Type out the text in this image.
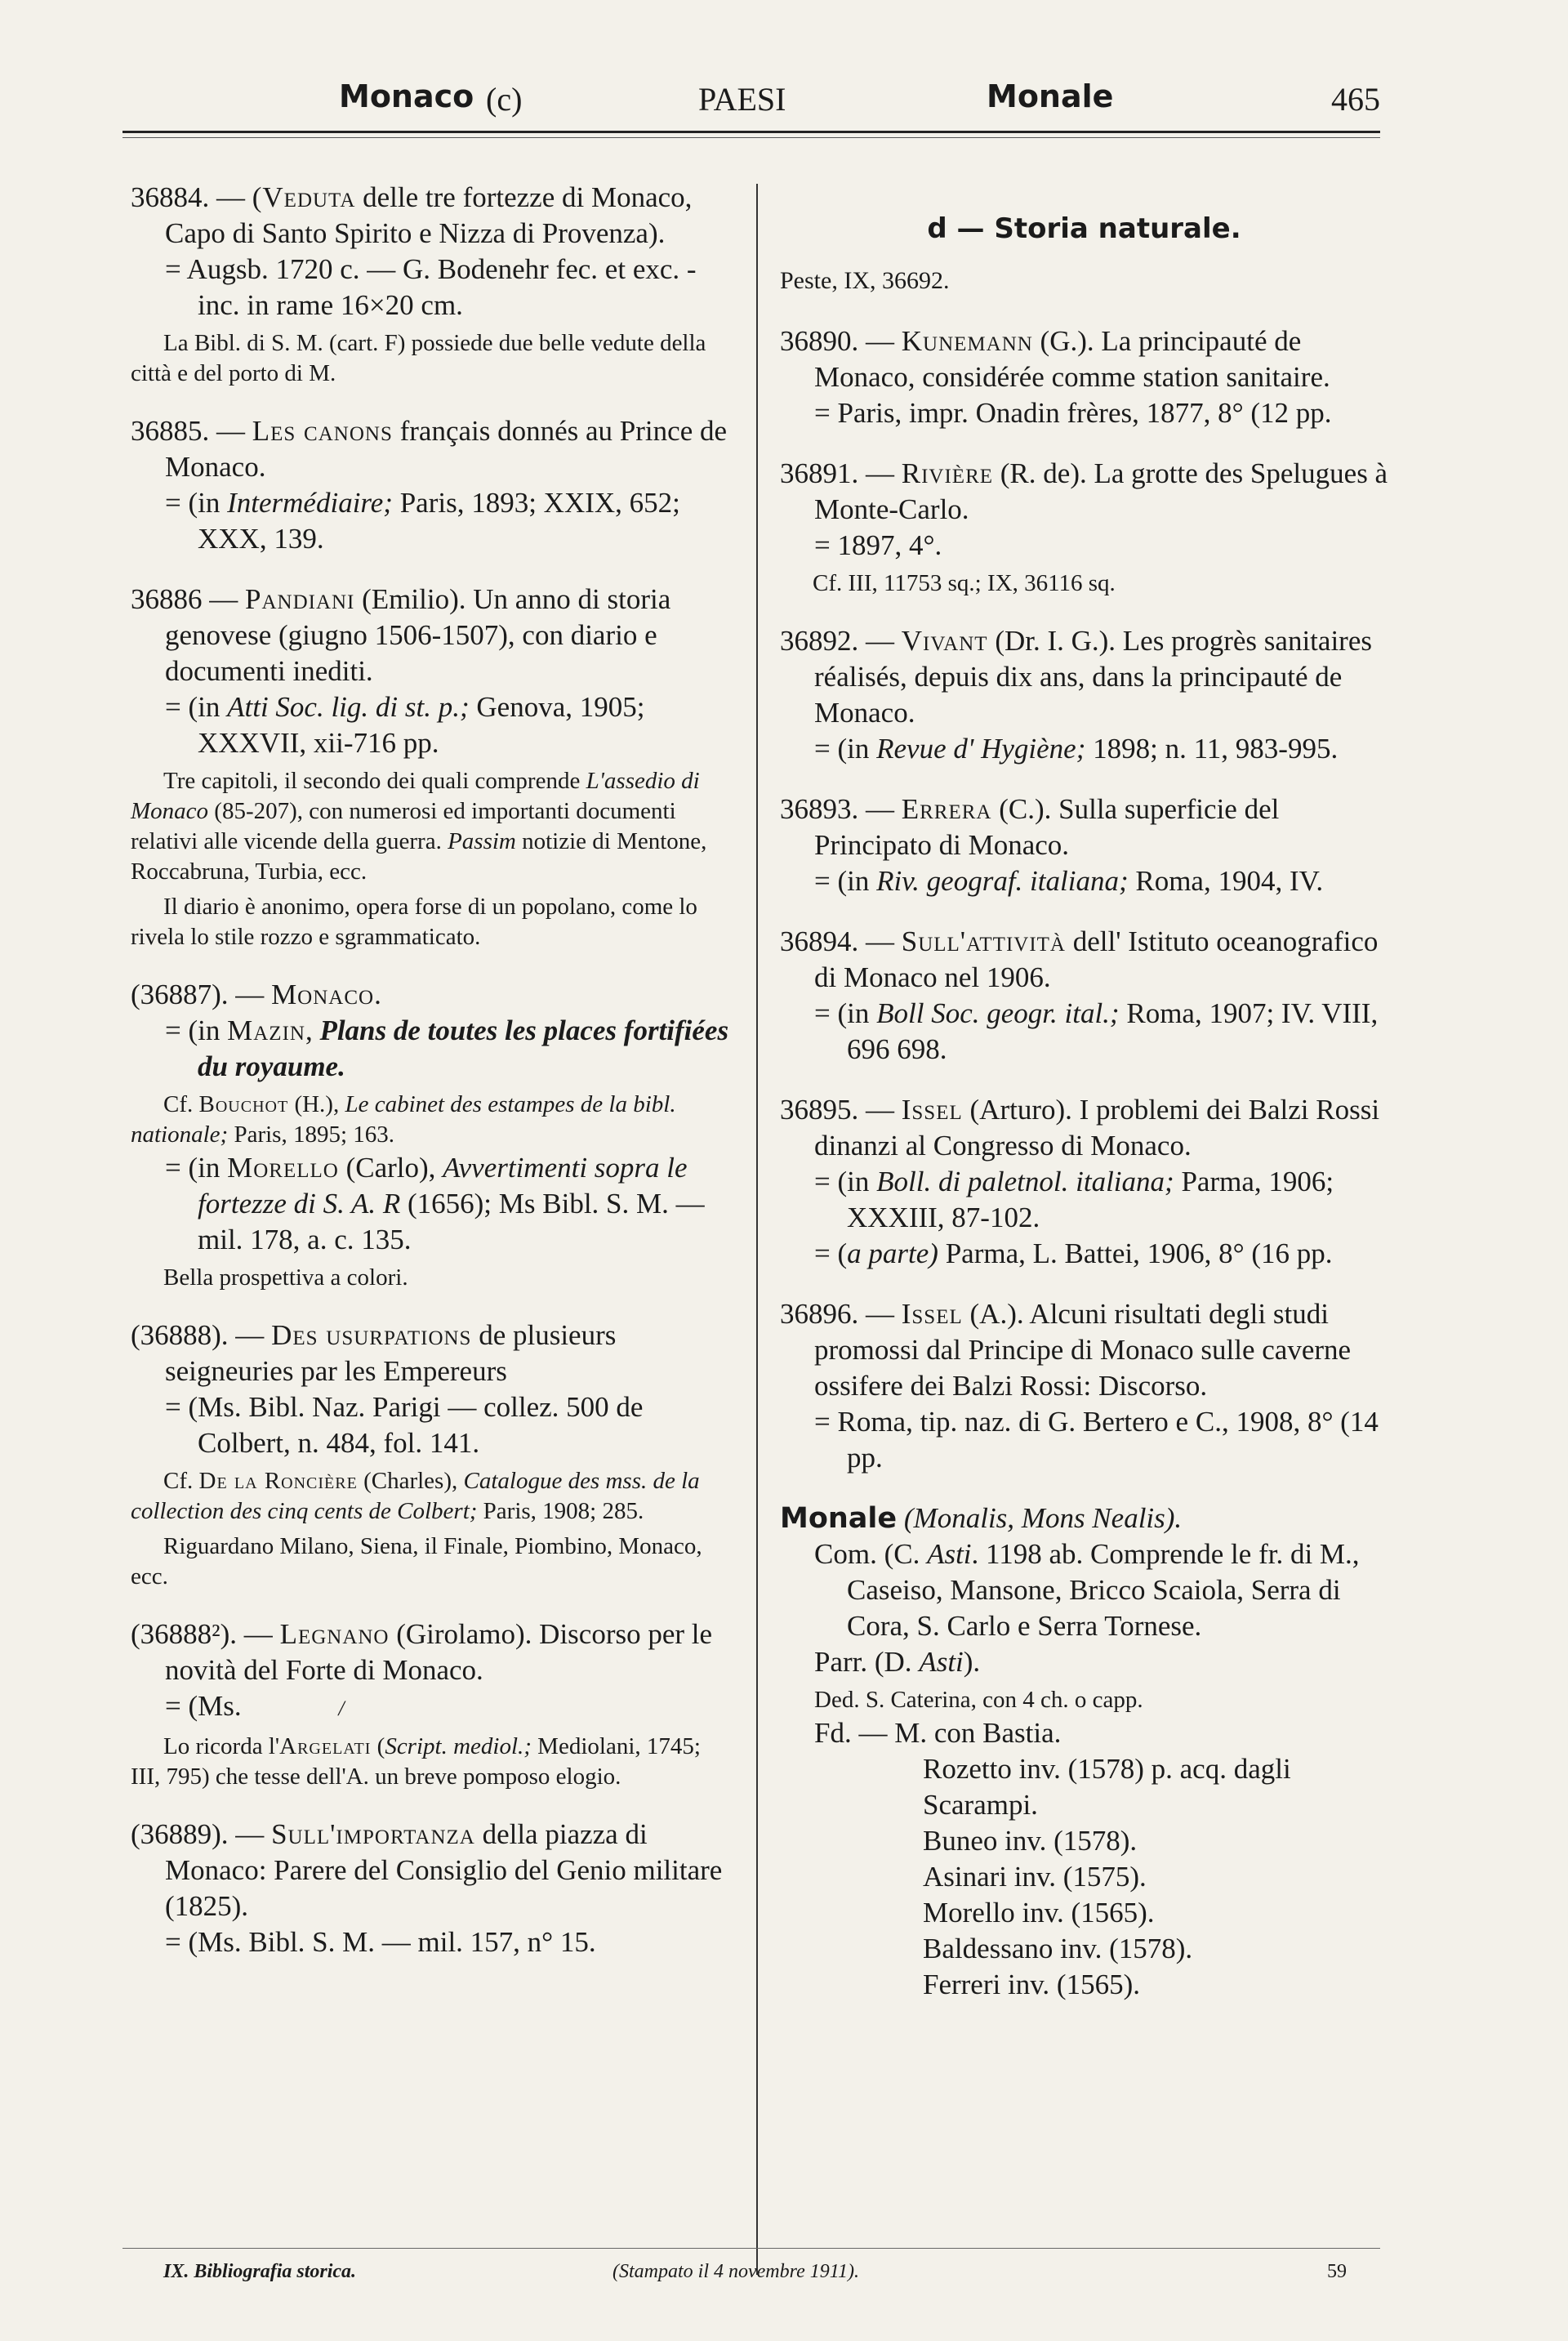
Monaco (c)	PAESI	Monale	465
36884. — (Veduta delle tre fortezze di Monaco, Capo di Santo Spirito e Nizza di Provenza).
= Augsb. 1720 c. — G. Bodenehr fec. et exc. - inc. in rame 16×20 cm.
La Bibl. di S. M. (cart. F) possiede due belle vedute della città e del porto di M.
36885. — Les canons français donnés au Prince de Monaco.
= (in Intermédiaire; Paris, 1893; XXIX, 652; XXX, 139.
36886 — Pandiani (Emilio). Un anno di storia genovese (giugno 1506-1507), con diario e documenti inediti.
= (in Atti Soc. lig. di st. p.; Genova, 1905; XXXVII, xii-716 pp.
Tre capitoli, il secondo dei quali comprende L'assedio di Monaco (85-207), con numerosi ed importanti documenti relativi alle vicende della guerra. Passim notizie di Mentone, Roccabruna, Turbia, ecc.
Il diario è anonimo, opera forse di un popolano, come lo rivela lo stile rozzo e sgrammaticato.
(36887). — Monaco.
= (in Mazin, Plans de toutes les places fortifiées du royaume.
Cf. Bouchot (H.), Le cabinet des estampes de la bibl. nationale; Paris, 1895; 163.
= (in Morello (Carlo), Avvertimenti sopra le fortezze di S. A. R (1656); Ms Bibl. S. M. — mil. 178, a. c. 135.
Bella prospettiva a colori.
(36888). — Des usurpations de plusieurs seigneuries par les Empereurs
= (Ms. Bibl. Naz. Parigi — collez. 500 de Colbert, n. 484, fol. 141.
Cf. De la Roncière (Charles), Catalogue des mss. de la collection des cinq cents de Colbert; Paris, 1908; 285.
Riguardano Milano, Siena, il Finale, Piombino, Monaco, ecc.
(36888²). — Legnano (Girolamo). Discorso per le novità del Forte di Monaco.
= (Ms.	/
Lo ricorda l'Argelati (Script. mediol.; Mediolani, 1745; III, 795) che tesse dell'A. un breve pomposo elogio.
(36889). — Sull'importanza della piazza di Monaco: Parere del Consiglio del Genio militare (1825).
= (Ms. Bibl. S. M. — mil. 157, n° 15.
d — Storia naturale.
Peste, IX, 36692.
36890. — Kunemann (G.). La principauté de Monaco, considérée comme station sanitaire.
= Paris, impr. Onadin frères, 1877, 8° (12 pp.
36891. — Rivière (R. de). La grotte des Spelugues à Monte-Carlo.
= 1897, 4°.
Cf. III, 11753 sq.; IX, 36116 sq.
36892. — Vivant (Dr. I. G.). Les progrès sanitaires réalisés, depuis dix ans, dans la principauté de Monaco.
= (in Revue d' Hygiène; 1898; n. 11, 983-995.
36893. — Errera (C.). Sulla superficie del Principato di Monaco.
= (in Riv. geograf. italiana; Roma, 1904, IV.
36894. — Sull'attività dell' Istituto oceanografico di Monaco nel 1906.
= (in Boll Soc. geogr. ital.; Roma, 1907; IV. VIII, 696 698.
36895. — Issel (Arturo). I problemi dei Balzi Rossi dinanzi al Congresso di Monaco.
= (in Boll. di paletnol. italiana; Parma, 1906; XXXIII, 87-102.
= (a parte) Parma, L. Battei, 1906, 8° (16 pp.
36896. — Issel (A.). Alcuni risultati degli studi promossi dal Principe di Monaco sulle caverne ossifere dei Balzi Rossi: Discorso.
= Roma, tip. naz. di G. Bertero e C., 1908, 8° (14 pp.
Monale (Monalis, Mons Nealis).
Com. (C. Asti. 1198 ab. Comprende le fr. di M., Caseiso, Mansone, Bricco Scaiola, Serra di Cora, S. Carlo e Serra Tornese.
Parr. (D. Asti).
Ded. S. Caterina, con 4 ch. o capp.
Fd. — M. con Bastia.
Rozetto inv. (1578) p. acq. dagli Scarampi.
Buneo inv. (1578).
Asinari inv. (1575).
Morello inv. (1565).
Baldessano inv. (1578).
Ferreri inv. (1565).
IX. Bibliografia storica.	(Stampato il 4 novembre 1911).	59
